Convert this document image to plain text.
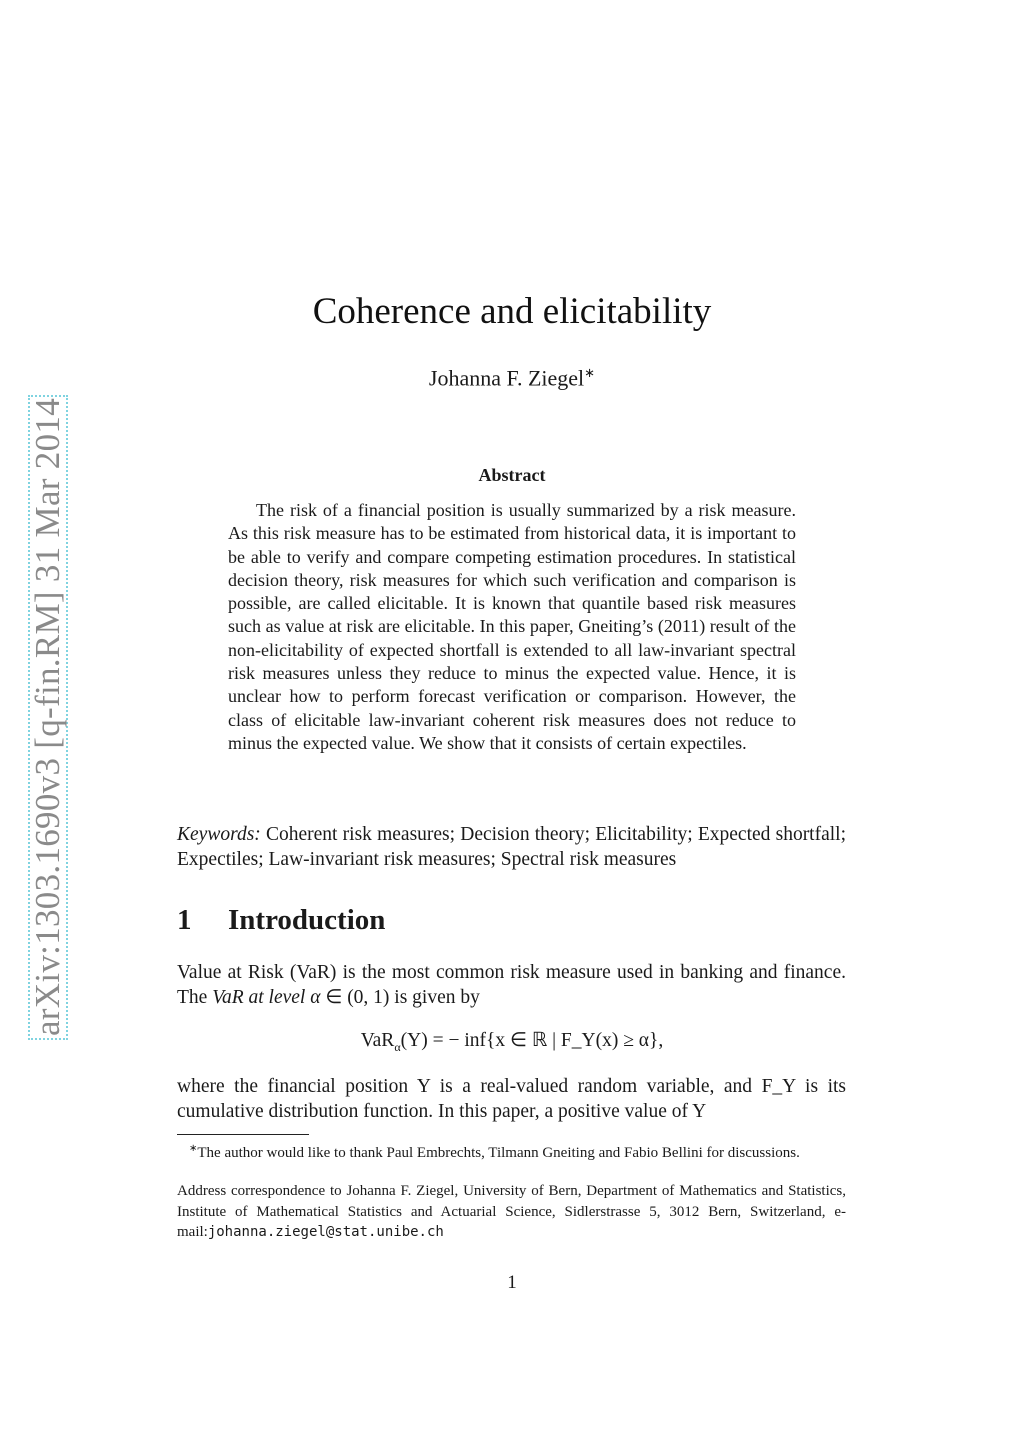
arXiv:1303.1690v3 [q-fin.RM] 31 Mar 2014
Coherence and elicitability
Johanna F. Ziegel∗
Abstract

The risk of a financial position is usually summarized by a risk measure. As this risk measure has to be estimated from historical data, it is important to be able to verify and compare competing estimation procedures. In statistical decision theory, risk measures for which such verification and comparison is possible, are called elicitable. It is known that quantile based risk measures such as value at risk are elicitable. In this paper, Gneiting’s (2011) result of the non-elicitability of expected shortfall is extended to all law-invariant spectral risk measures unless they reduce to minus the expected value. Hence, it is unclear how to perform forecast verification or comparison. However, the class of elicitable law-invariant coherent risk measures does not reduce to minus the expected value. We show that it consists of certain expectiles.

Keywords: Coherent risk measures; Decision theory; Elicitability; Expected shortfall; Expectiles; Law-invariant risk measures; Spectral risk measures

1 Introduction

Value at Risk (VaR) is the most common risk measure used in banking and finance. The VaR at level α ∈ (0, 1) is given by

VaR$_\alpha$(Y) = − inf{x ∈ ℝ | F_Y(x) ≥ α},

where the financial position Y is a real-valued random variable, and F_Y is its cumulative distribution function. In this paper, a positive value of Y

∗The author would like to thank Paul Embrechts, Tilmann Gneiting and Fabio Bellini for discussions.

Address correspondence to Johanna F. Ziegel, University of Bern, Department of Mathematics and Statistics, Institute of Mathematical Statistics and Actuarial Science, Sidlerstrasse 5, 3012 Bern, Switzerland, e-mail:johanna.ziegel@stat.unibe.ch

1
